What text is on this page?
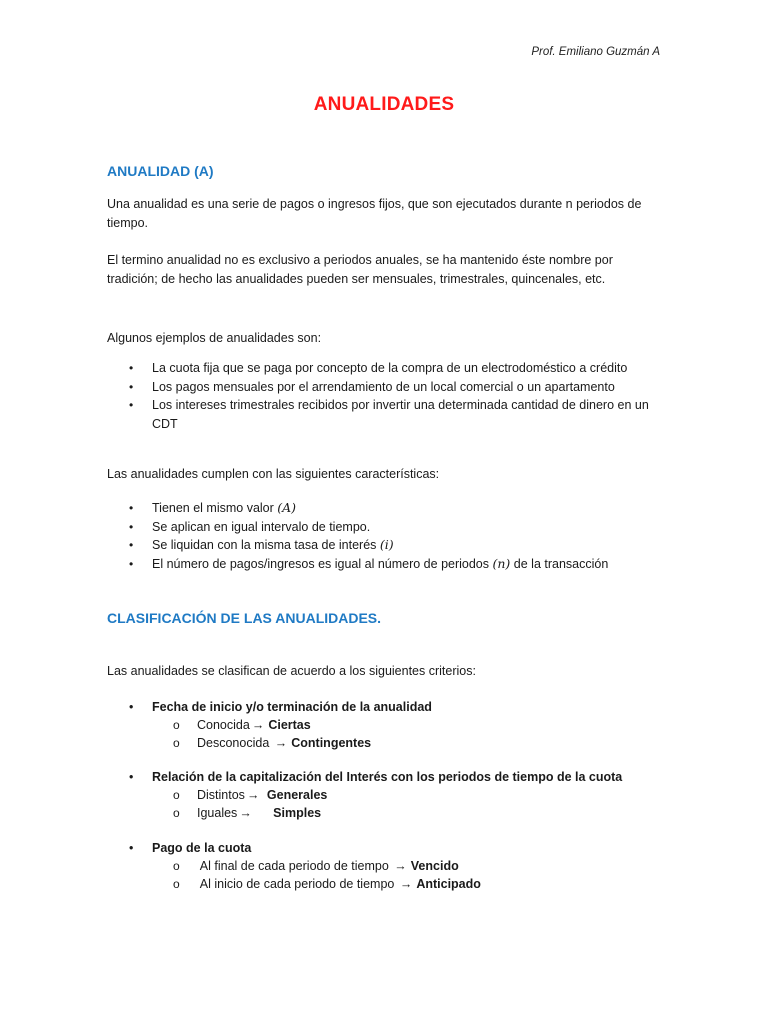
Prof. Emiliano Guzmán A
ANUALIDADES
ANUALIDAD (A)
Una anualidad es una serie de pagos o ingresos fijos, que son ejecutados durante n periodos de
tiempo.
El termino anualidad no es exclusivo a periodos anuales, se ha mantenido éste nombre por
tradición; de hecho las anualidades pueden ser mensuales, trimestrales, quincenales, etc.
Algunos ejemplos de anualidades son:
• La cuota fija que se paga por concepto de la compra de un electrodoméstico a crédito
• Los pagos mensuales por el arrendamiento de un local comercial o un apartamento
• Los intereses trimestrales recibidos por invertir una determinada cantidad de dinero en un
CDT
Las anualidades cumplen con las siguientes características:
• Tienen el mismo valor (A)
• Se aplican en igual intervalo de tiempo.
• Se liquidan con la misma tasa de interés (i)
• El número de pagos/ingresos es igual al número de periodos (n) de la transacción
CLASIFICACIÓN DE LAS ANUALIDADES.
Las anualidades se clasifican de acuerdo a los siguientes criterios:
• Fecha de inicio y/o terminación de la anualidad
o Conocida → Ciertas
o Desconocida → Contingentes
• Relación de la capitalización del Interés con los periodos de tiempo de la cuota
o Distintos → Generales
o Iguales →     Simples
• Pago de la cuota
o Al final de cada periodo de tiempo → Vencido
o Al inicio de cada periodo de tiempo → Anticipado
